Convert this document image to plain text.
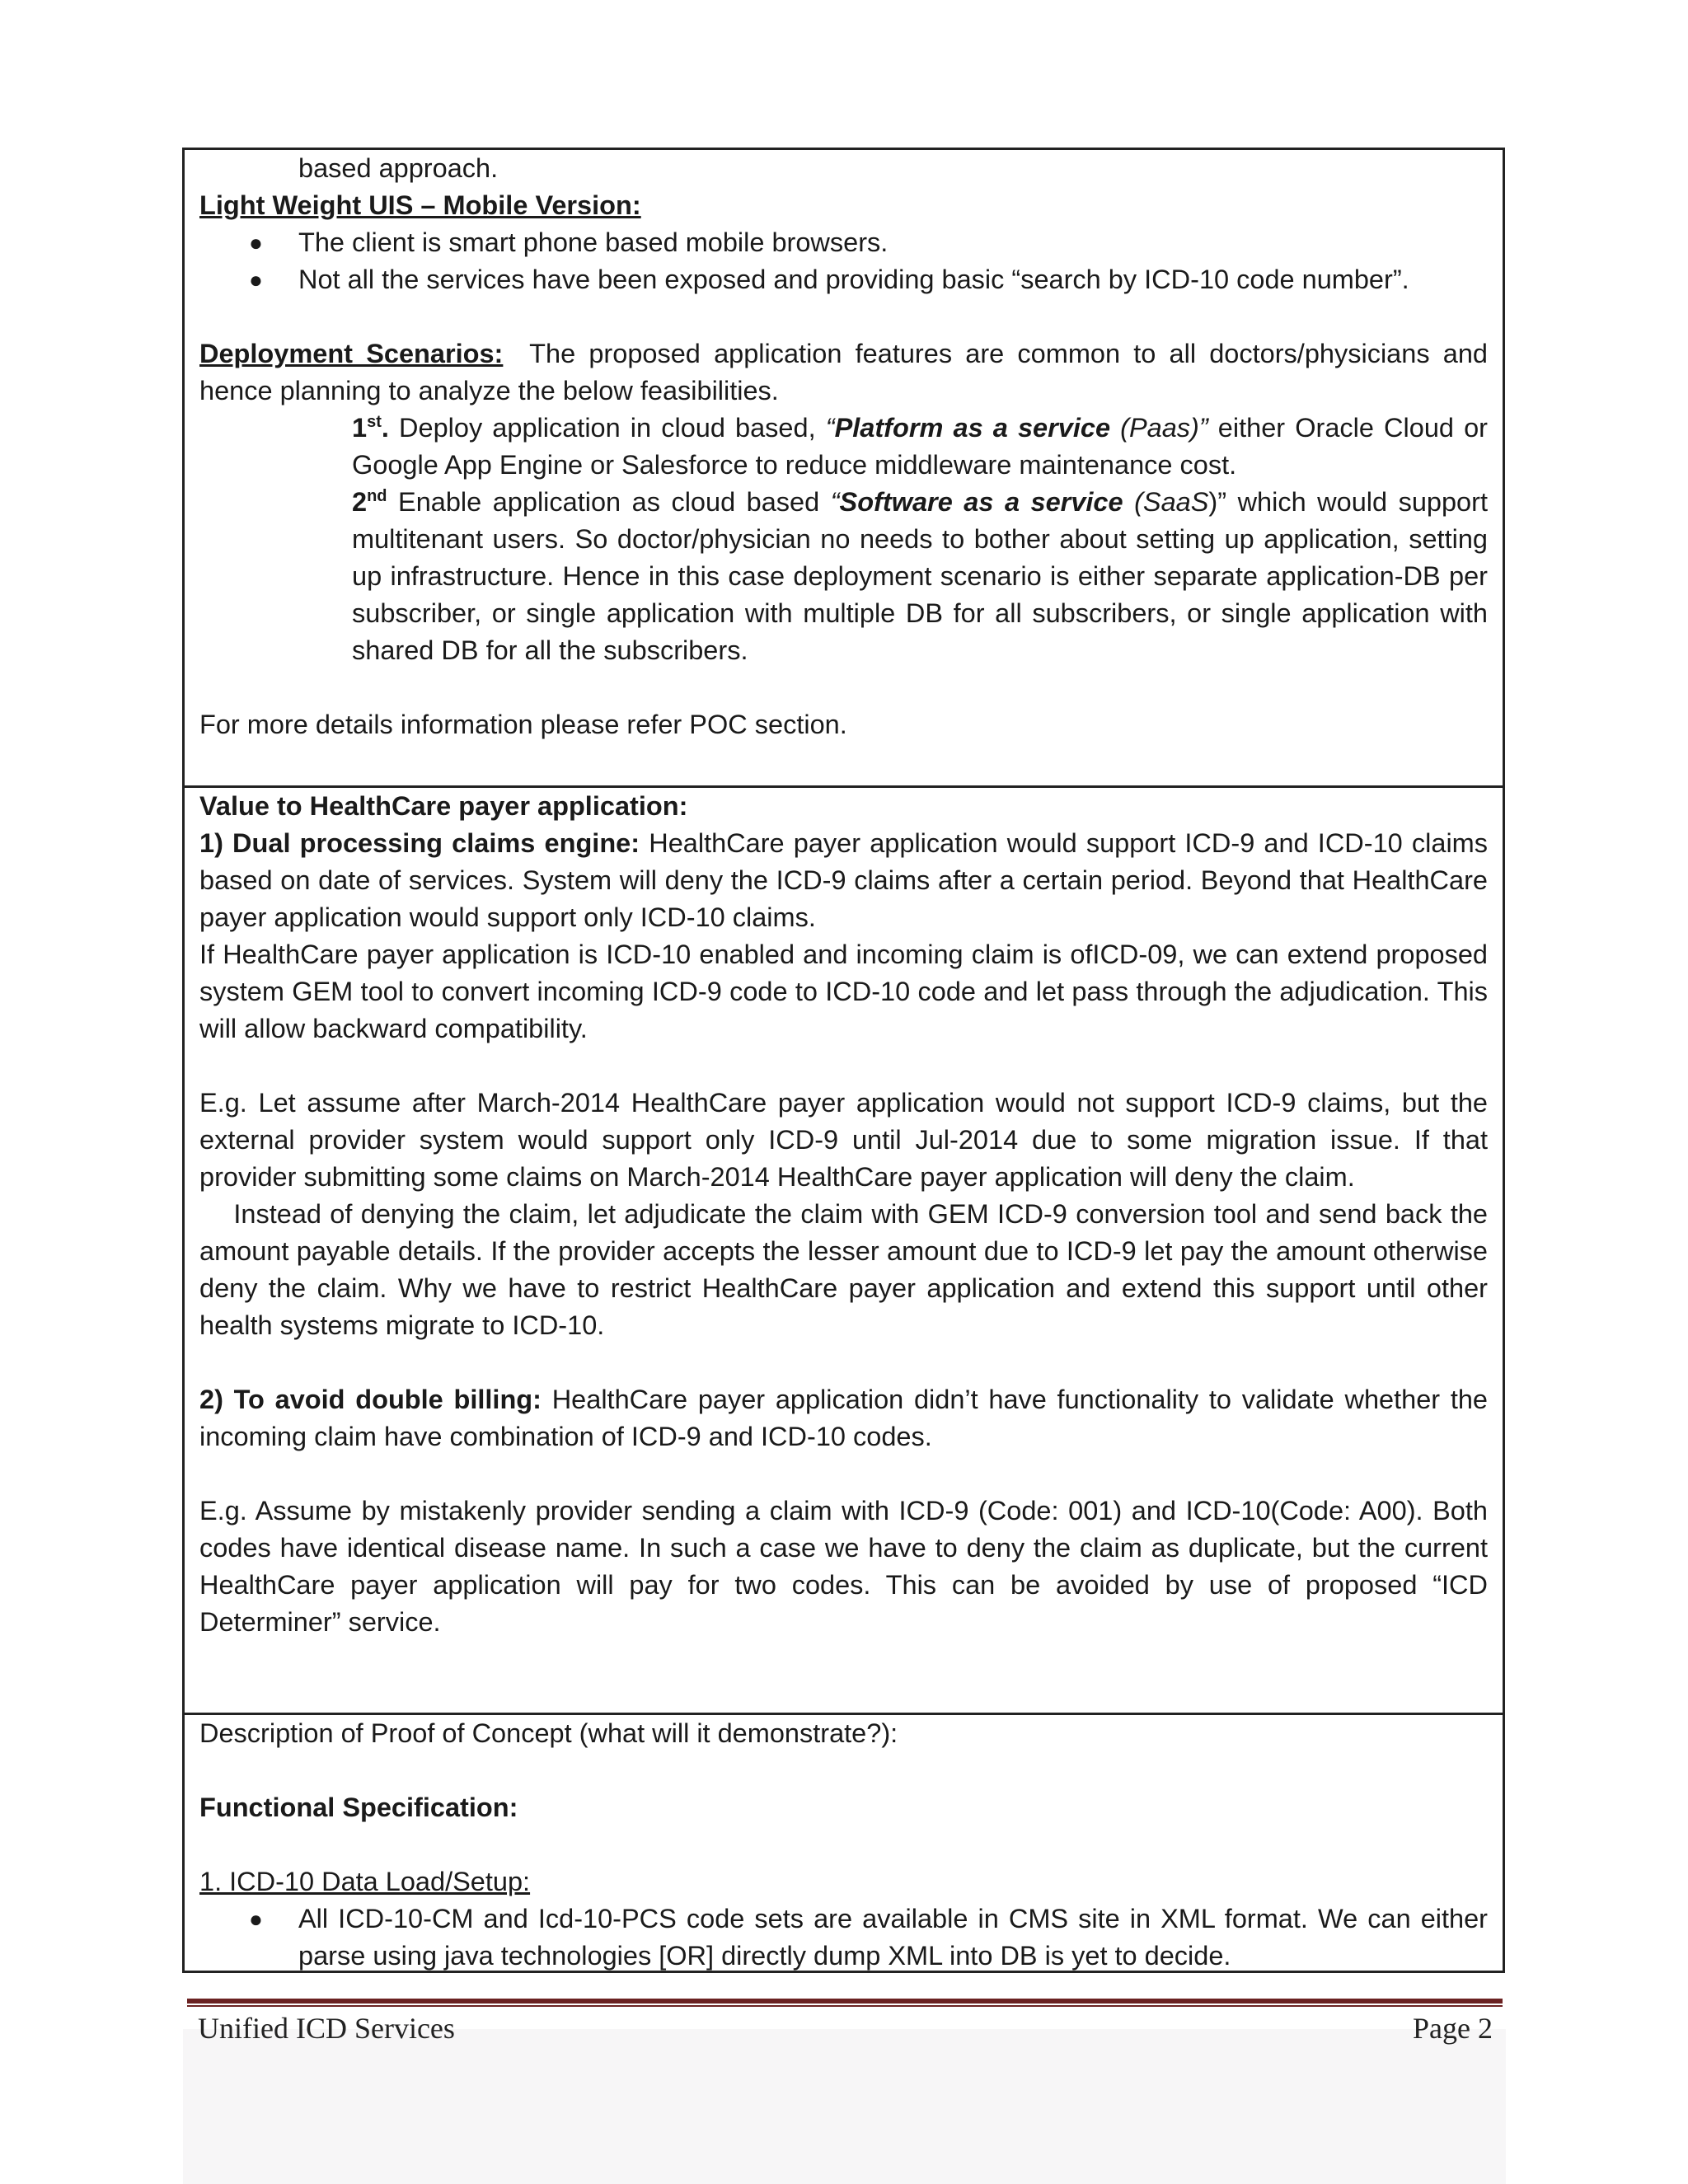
based approach.

Light Weight UIS – Mobile Version:

● The client is smart phone based mobile browsers.
● Not all the services have been exposed and providing basic “search by ICD-10 code number”.

Deployment Scenarios: The proposed application features are common to all doctors/physicians and hence planning to analyze the below feasibilities.

1st. Deploy application in cloud based, “Platform as a service (Paas)” either Oracle Cloud or Google App Engine or Salesforce to reduce middleware maintenance cost.

2nd Enable application as cloud based “Software as a service (SaaS)” which would support multitenant users. So doctor/physician no needs to bother about setting up application, setting up infrastructure. Hence in this case deployment scenario is either separate application-DB per subscriber, or single application with multiple DB for all subscribers, or single application with shared DB for all the subscribers.

For more details information please refer POC section.

Value to HealthCare payer application:

1) Dual processing claims engine: HealthCare payer application would support ICD-9 and ICD-10 claims based on date of services. System will deny the ICD-9 claims after a certain period. Beyond that HealthCare payer application would support only ICD-10 claims.

If HealthCare payer application is ICD-10 enabled and incoming claim is ofICD-09, we can extend proposed system GEM tool to convert incoming ICD-9 code to ICD-10 code and let pass through the adjudication. This will allow backward compatibility.

E.g. Let assume after March-2014 HealthCare payer application would not support ICD-9 claims, but the external provider system would support only ICD-9 until Jul-2014 due to some migration issue. If that provider submitting some claims on March-2014 HealthCare payer application will deny the claim.

Instead of denying the claim, let adjudicate the claim with GEM ICD-9 conversion tool and send back the amount payable details. If the provider accepts the lesser amount due to ICD-9 let pay the amount otherwise deny the claim. Why we have to restrict HealthCare payer application and extend this support until other health systems migrate to ICD-10.

2) To avoid double billing: HealthCare payer application didn’t have functionality to validate whether the incoming claim have combination of ICD-9 and ICD-10 codes.

E.g. Assume by mistakenly provider sending a claim with ICD-9 (Code: 001) and ICD-10(Code: A00). Both codes have identical disease name. In such a case we have to deny the claim as duplicate, but the current HealthCare payer application will pay for two codes. This can be avoided by use of proposed “ICD Determiner” service.

Description of Proof of Concept (what will it demonstrate?):

Functional Specification:

1. ICD-10 Data Load/Setup:

● All ICD-10-CM and Icd-10-PCS code sets are available in CMS site in XML format. We can either parse using java technologies [OR] directly dump XML into DB is yet to decide.
Unified ICD Services	Page 2
